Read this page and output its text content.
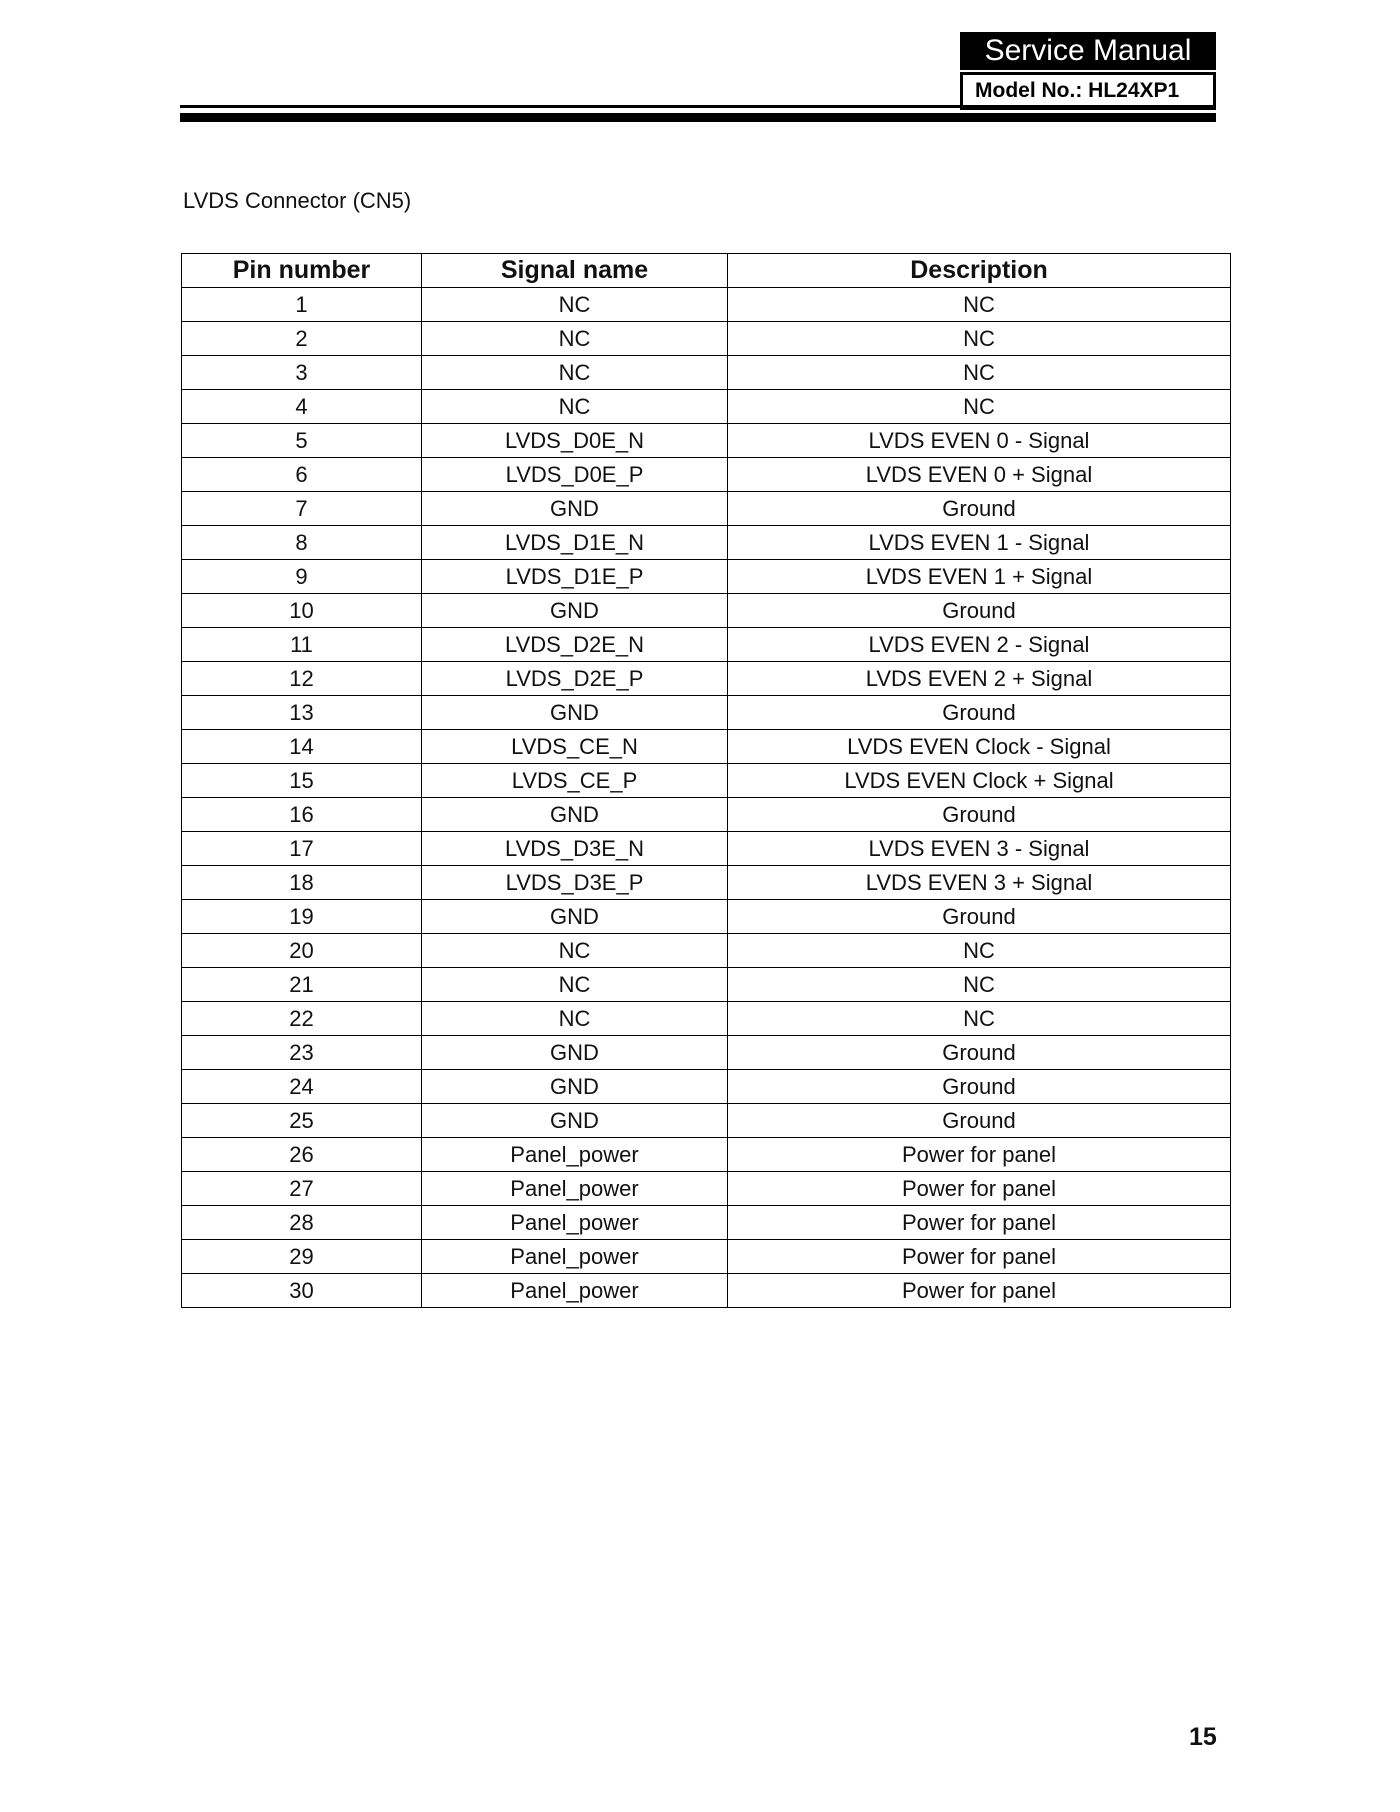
Service Manual
Model No.: HL24XP1
LVDS Connector (CN5)
Pin number	Signal name	Description
1	NC	NC
2	NC	NC
3	NC	NC
4	NC	NC
5	LVDS_D0E_N	LVDS EVEN 0 - Signal
6	LVDS_D0E_P	LVDS EVEN 0 + Signal
7	GND	Ground
8	LVDS_D1E_N	LVDS EVEN 1 - Signal
9	LVDS_D1E_P	LVDS EVEN 1 + Signal
10	GND	Ground
11	LVDS_D2E_N	LVDS EVEN 2 - Signal
12	LVDS_D2E_P	LVDS EVEN 2 + Signal
13	GND	Ground
14	LVDS_CE_N	LVDS EVEN Clock - Signal
15	LVDS_CE_P	LVDS EVEN Clock + Signal
16	GND	Ground
17	LVDS_D3E_N	LVDS EVEN 3 - Signal
18	LVDS_D3E_P	LVDS EVEN 3 + Signal
19	GND	Ground
20	NC	NC
21	NC	NC
22	NC	NC
23	GND	Ground
24	GND	Ground
25	GND	Ground
26	Panel_power	Power for panel
27	Panel_power	Power for panel
28	Panel_power	Power for panel
29	Panel_power	Power for panel
30	Panel_power	Power for panel
15
